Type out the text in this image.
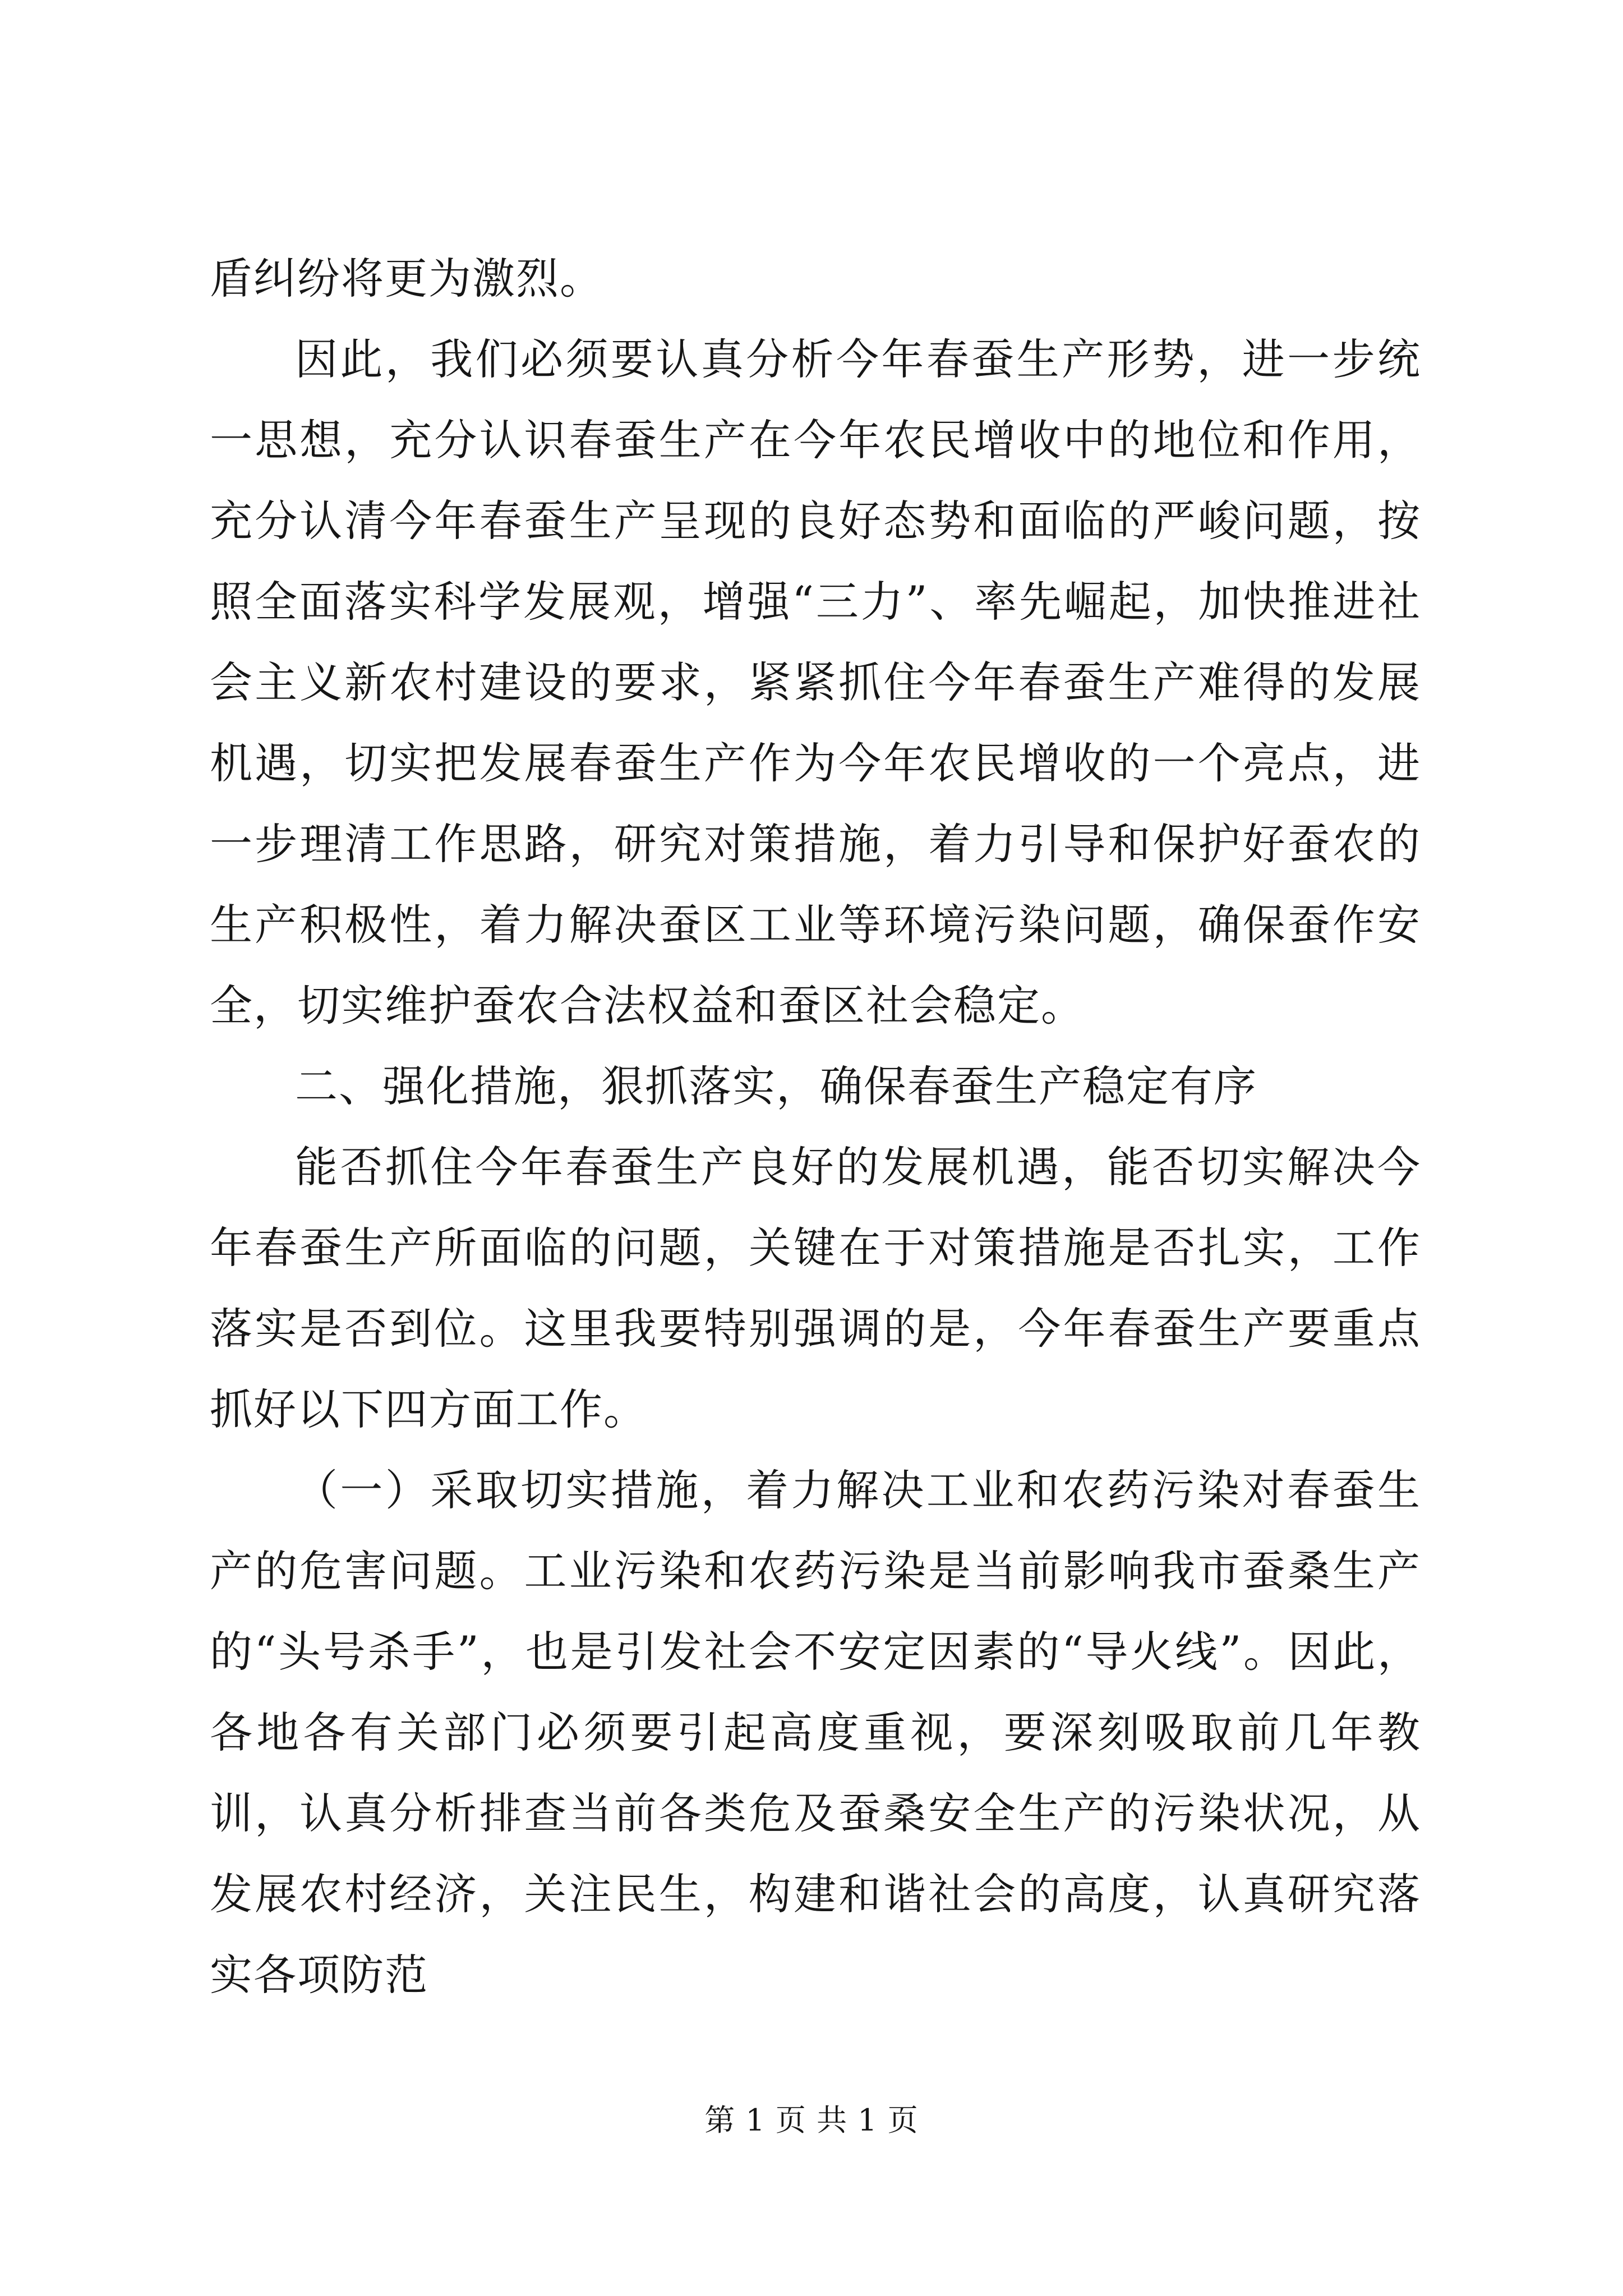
盾纠纷将更为激烈。

因此，我们必须要认真分析今年春蚕生产形势，进一步统一思想，充分认识春蚕生产在今年农民增收中的地位和作用，充分认清今年春蚕生产呈现的良好态势和面临的严峻问题，按照全面落实科学发展观，增强“三力”、率先崛起，加快推进社会主义新农村建设的要求，紧紧抓住今年春蚕生产难得的发展机遇，切实把发展春蚕生产作为今年农民增收的一个亮点，进一步理清工作思路，研究对策措施，着力引导和保护好蚕农的生产积极性，着力解决蚕区工业等环境污染问题，确保蚕作安全，切实维护蚕农合法权益和蚕区社会稳定。

二、强化措施，狠抓落实，确保春蚕生产稳定有序

能否抓住今年春蚕生产良好的发展机遇，能否切实解决今年春蚕生产所面临的问题，关键在于对策措施是否扎实，工作落实是否到位。这里我要特别强调的是，今年春蚕生产要重点抓好以下四方面工作。

（一）采取切实措施，着力解决工业和农药污染对春蚕生产的危害问题。工业污染和农药污染是当前影响我市蚕桑生产的“头号杀手”，也是引发社会不安定因素的“导火线”。因此，各地各有关部门必须要引起高度重视，要深刻吸取前几年教训，认真分析排查当前各类危及蚕桑安全生产的污染状况，从发展农村经济，关注民生，构建和谐社会的高度，认真研究落实各项防范

第 1 页 共 1 页
